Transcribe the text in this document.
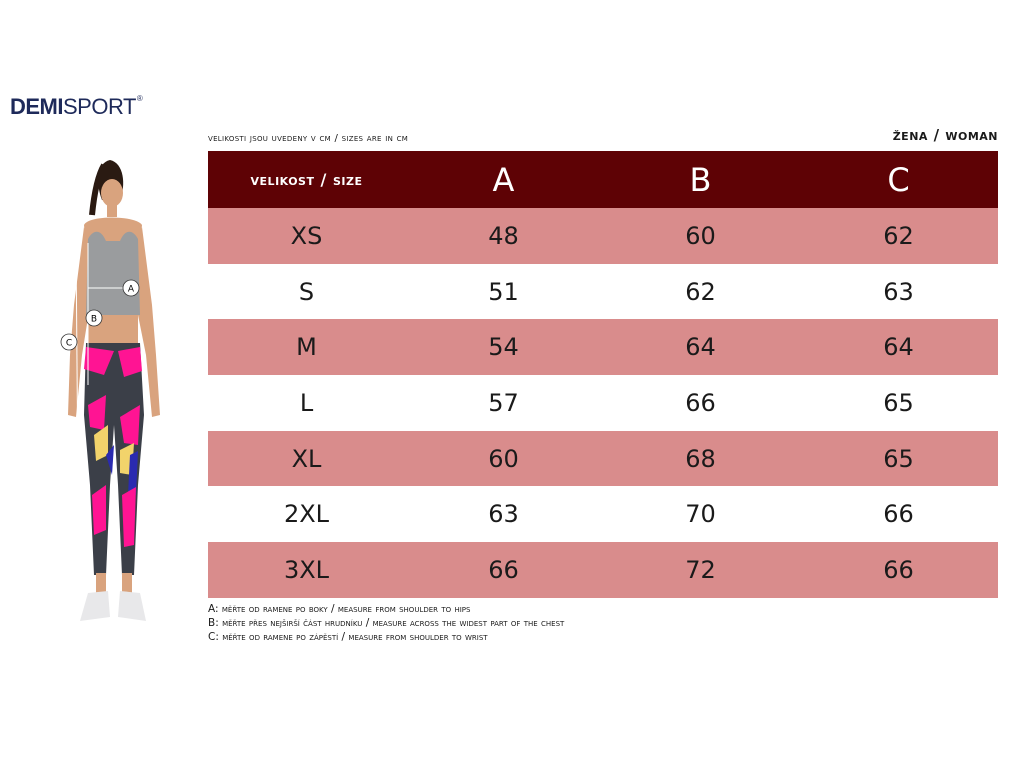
DEMI SPORT ®
velikosti jsou uvedeny v cm / sizes are in cm	žena / woman
A
B
C
velikost / size	A	B	C
XS	48	60	62
S	51	62	63
M	54	64	64
L	57	66	65
XL	60	68	65
2XL	63	70	66
3XL	66	72	66
A: měřte od ramene po boky / measure from shoulder to hips
B: měřte přes nejširší část hrudníku / measure across the widest part of the chest
C: měřte od ramene po zápěstí / measure from shoulder to wrist
